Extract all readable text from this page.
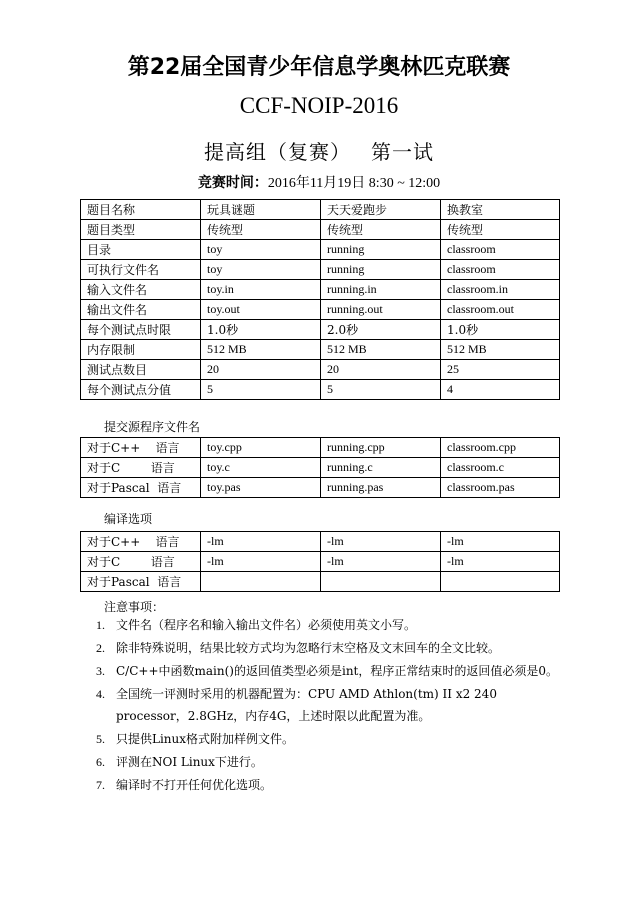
第22届全国青少年信息学奥林匹克联赛
CCF-NOIP-2016
提高组（复赛） 第一试
竞赛时间：2016年11月19日 8:30 ~ 12:00
题目名称	玩具谜题	天天爱跑步	换教室
题目类型	传统型	传统型	传统型
目录	toy	running	classroom
可执行文件名	toy	running	classroom
输入文件名	toy.in	running.in	classroom.in
输出文件名	toy.out	running.out	classroom.out
每个测试点时限	1.0秒	2.0秒	1.0秒
内存限制	512 MB	512 MB	512 MB
测试点数目	20	20	25
每个测试点分值	5	5	4
提交源程序文件名
对于C++    语言	toy.cpp	running.cpp	classroom.cpp
对于C        语言	toy.c	running.c	classroom.c
对于Pascal  语言	toy.pas	running.pas	classroom.pas
编译选项
对于C++    语言	-lm	-lm	-lm
对于C        语言	-lm	-lm	-lm
对于Pascal  语言			
注意事项：
1. 文件名（程序名和输入输出文件名）必须使用英文小写。
2. 除非特殊说明，结果比较方式均为忽略行末空格及文末回车的全文比较。
3. C/C++中函数main()的返回值类型必须是int，程序正常结束时的返回值必须是0。
4. 全国统一评测时采用的机器配置为：CPU AMD Athlon(tm) II x2 240 processor，2.8GHz，内存4G，上述时限以此配置为准。
5. 只提供Linux格式附加样例文件。
6. 评测在NOI Linux下进行。
7. 编译时不打开任何优化选项。
